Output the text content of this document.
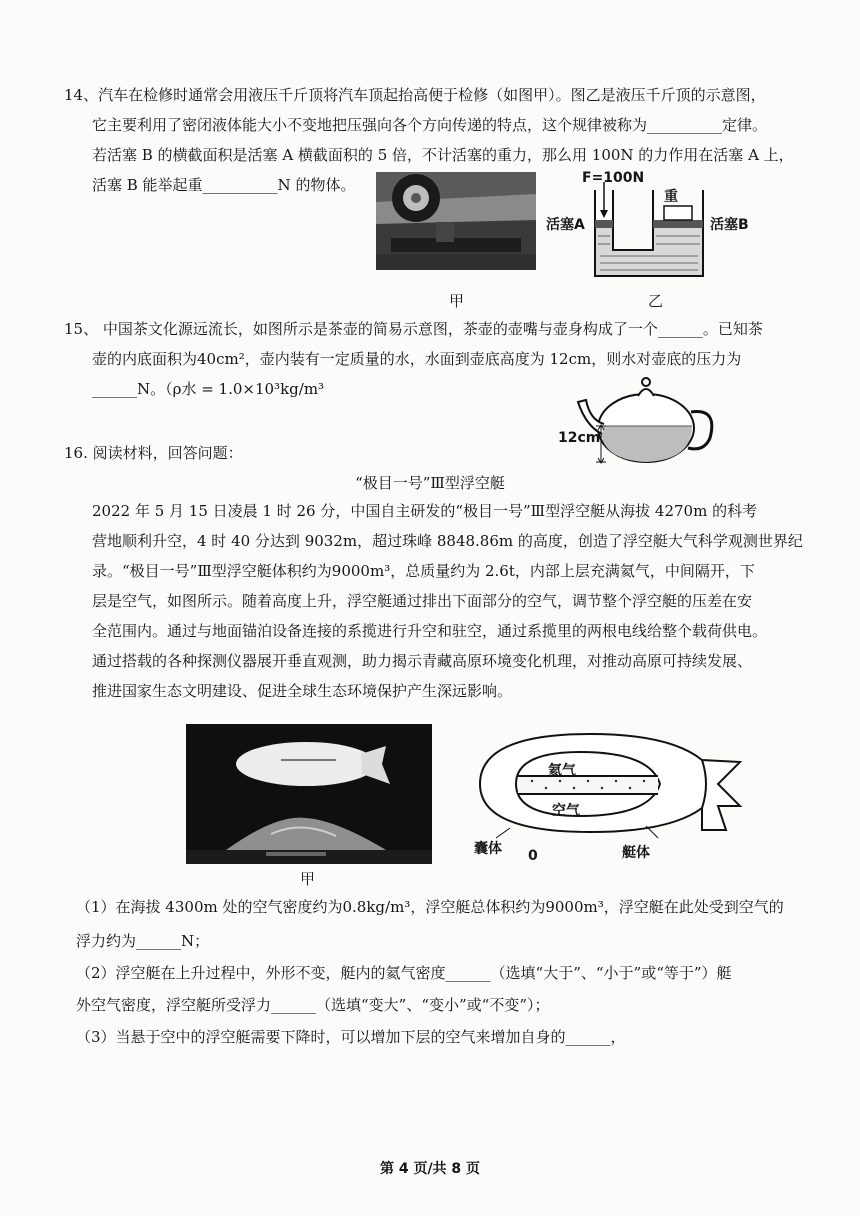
14、汽车在检修时通常会用液压千斤顶将汽车顶起抬高便于检修（如图甲）。图乙是液压千斤顶的示意图，
它主要利用了密闭液体能大小不变地把压强向各个方向传递的特点，这个规律被称为__________定律。
若活塞 B 的横截面积是活塞 A 横截面积的 5 倍，不计活塞的重力，那么用 100N 的力作用在活塞 A 上，
活塞 B 能举起重__________N 的物体。
甲
F=100N
重
活塞A	活塞B
乙
15、 中国茶文化源远流长，如图所示是茶壶的简易示意图，茶壶的壶嘴与壶身构成了一个______。已知茶
壶的内底面积为40cm²，壶内装有一定质量的水，水面到壶底高度为 12cm，则水对壶底的压力为
______N。（ρ水 = 1.0×10³kg/m³
12cm
16. 阅读材料，回答问题：
“极目一号”Ⅲ型浮空艇
2022 年 5 月 15 日凌晨 1 时 26 分，中国自主研发的“极目一号”Ⅲ型浮空艇从海拔 4270m 的科考
营地顺利升空，4 时 40 分达到 9032m，超过珠峰 8848.86m 的高度，创造了浮空艇大气科学观测世界纪
录。“极目一号”Ⅲ型浮空艇体积约为9000m³，总质量约为 2.6t，内部上层充满氦气，中间隔开，下
层是空气，如图所示。随着高度上升，浮空艇通过排出下面部分的空气，调节整个浮空艇的压差在安
全范围内。通过与地面锚泊设备连接的系揽进行升空和驻空，通过系揽里的两根电线给整个载荷供电。
通过搭载的各种探测仪器展开垂直观测，助力揭示青藏高原环境变化机理，对推动高原可持续发展、
推进国家生态文明建设、促进全球生态环境保护产生深远影响。
甲
氦气
空气
囊体 0	艇体
（1）在海拔 4300m 处的空气密度约为0.8kg/m³，浮空艇总体积约为9000m³，浮空艇在此处受到空气的
浮力约为______N；
（2）浮空艇在上升过程中，外形不变，艇内的氦气密度______（选填“大于”、“小于”或“等于”）艇
外空气密度，浮空艇所受浮力______（选填“变大”、“变小”或“不变”）；
（3）当悬于空中的浮空艇需要下降时，可以增加下层的空气来增加自身的______，
第 4 页/共 8 页
